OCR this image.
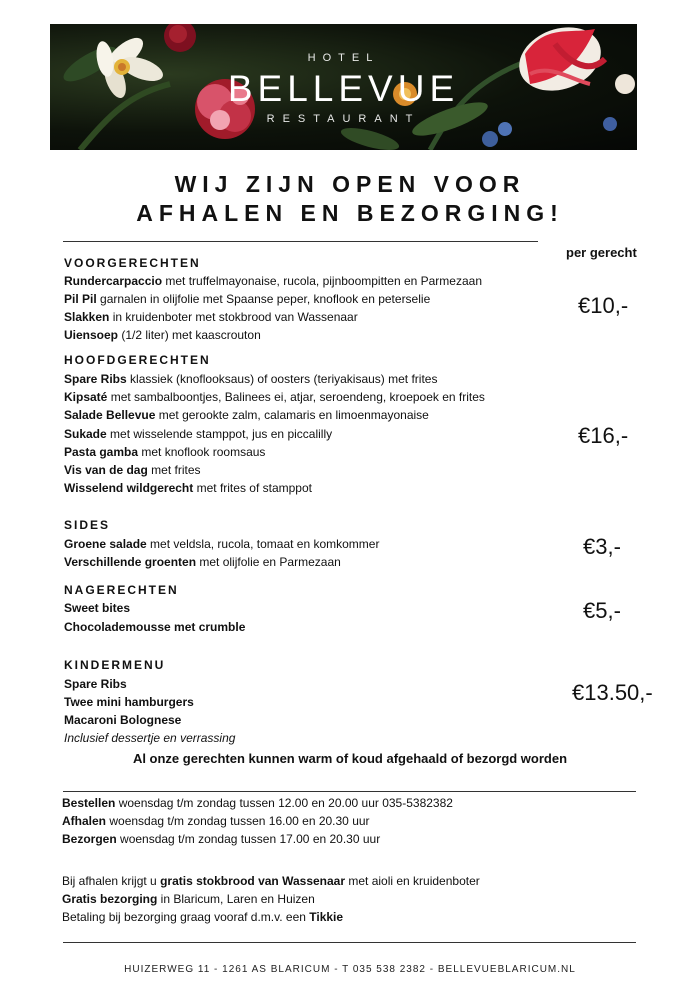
HOTEL
BELLEVUE
RESTAURANT
WIJ ZIJN OPEN VOOR
AFHALEN EN BEZORGING!
per gerecht
VOORGERECHTEN
Rundercarpaccio met truffelmayonaise, rucola, pijnboompitten en Parmezaan
Pil Pil garnalen in olijfolie met Spaanse peper, knoflook en peterselie
Slakken in kruidenboter met stokbrood van Wassenaar
Uiensoep (1/2 liter) met kaascrouton
€10,-
HOOFDGERECHTEN
Spare Ribs klassiek (knoflooksaus) of oosters (teriyakisaus) met frites
Kipsaté met sambalboontjes, Balinees ei, atjar, seroendeng, kroepoek en frites
Salade Bellevue met gerookte zalm, calamaris en limoenmayonaise
Sukade met wisselende stamppot, jus en piccalilly
Pasta gamba met knoflook roomsaus
Vis van de dag met frites
Wisselend wildgerecht met frites of stamppot
€16,-
SIDES
Groene salade met veldsla, rucola, tomaat en komkommer
Verschillende groenten met olijfolie en Parmezaan
€3,-
NAGERECHTEN
Sweet bites
Chocolademousse met crumble
€5,-
KINDERMENU
Spare Ribs
Twee mini hamburgers
Macaroni Bolognese
Inclusief dessertje en verrassing
€13.50,-
Al onze gerechten kunnen warm of koud afgehaald of bezorgd worden
Bestellen woensdag t/m zondag tussen 12.00 en 20.00 uur 035-5382382
Afhalen woensdag t/m zondag tussen 16.00 en 20.30 uur
Bezorgen woensdag t/m zondag tussen 17.00 en 20.30 uur
Bij afhalen krijgt u gratis stokbrood van Wassenaar met aioli en kruidenboter
Gratis bezorging in Blaricum, Laren en Huizen
Betaling bij bezorging graag vooraf d.m.v. een Tikkie
HUIZERWEG 11 - 1261 AS BLARICUM - T 035 538 2382 - BELLEVUEBLARICUM.NL
